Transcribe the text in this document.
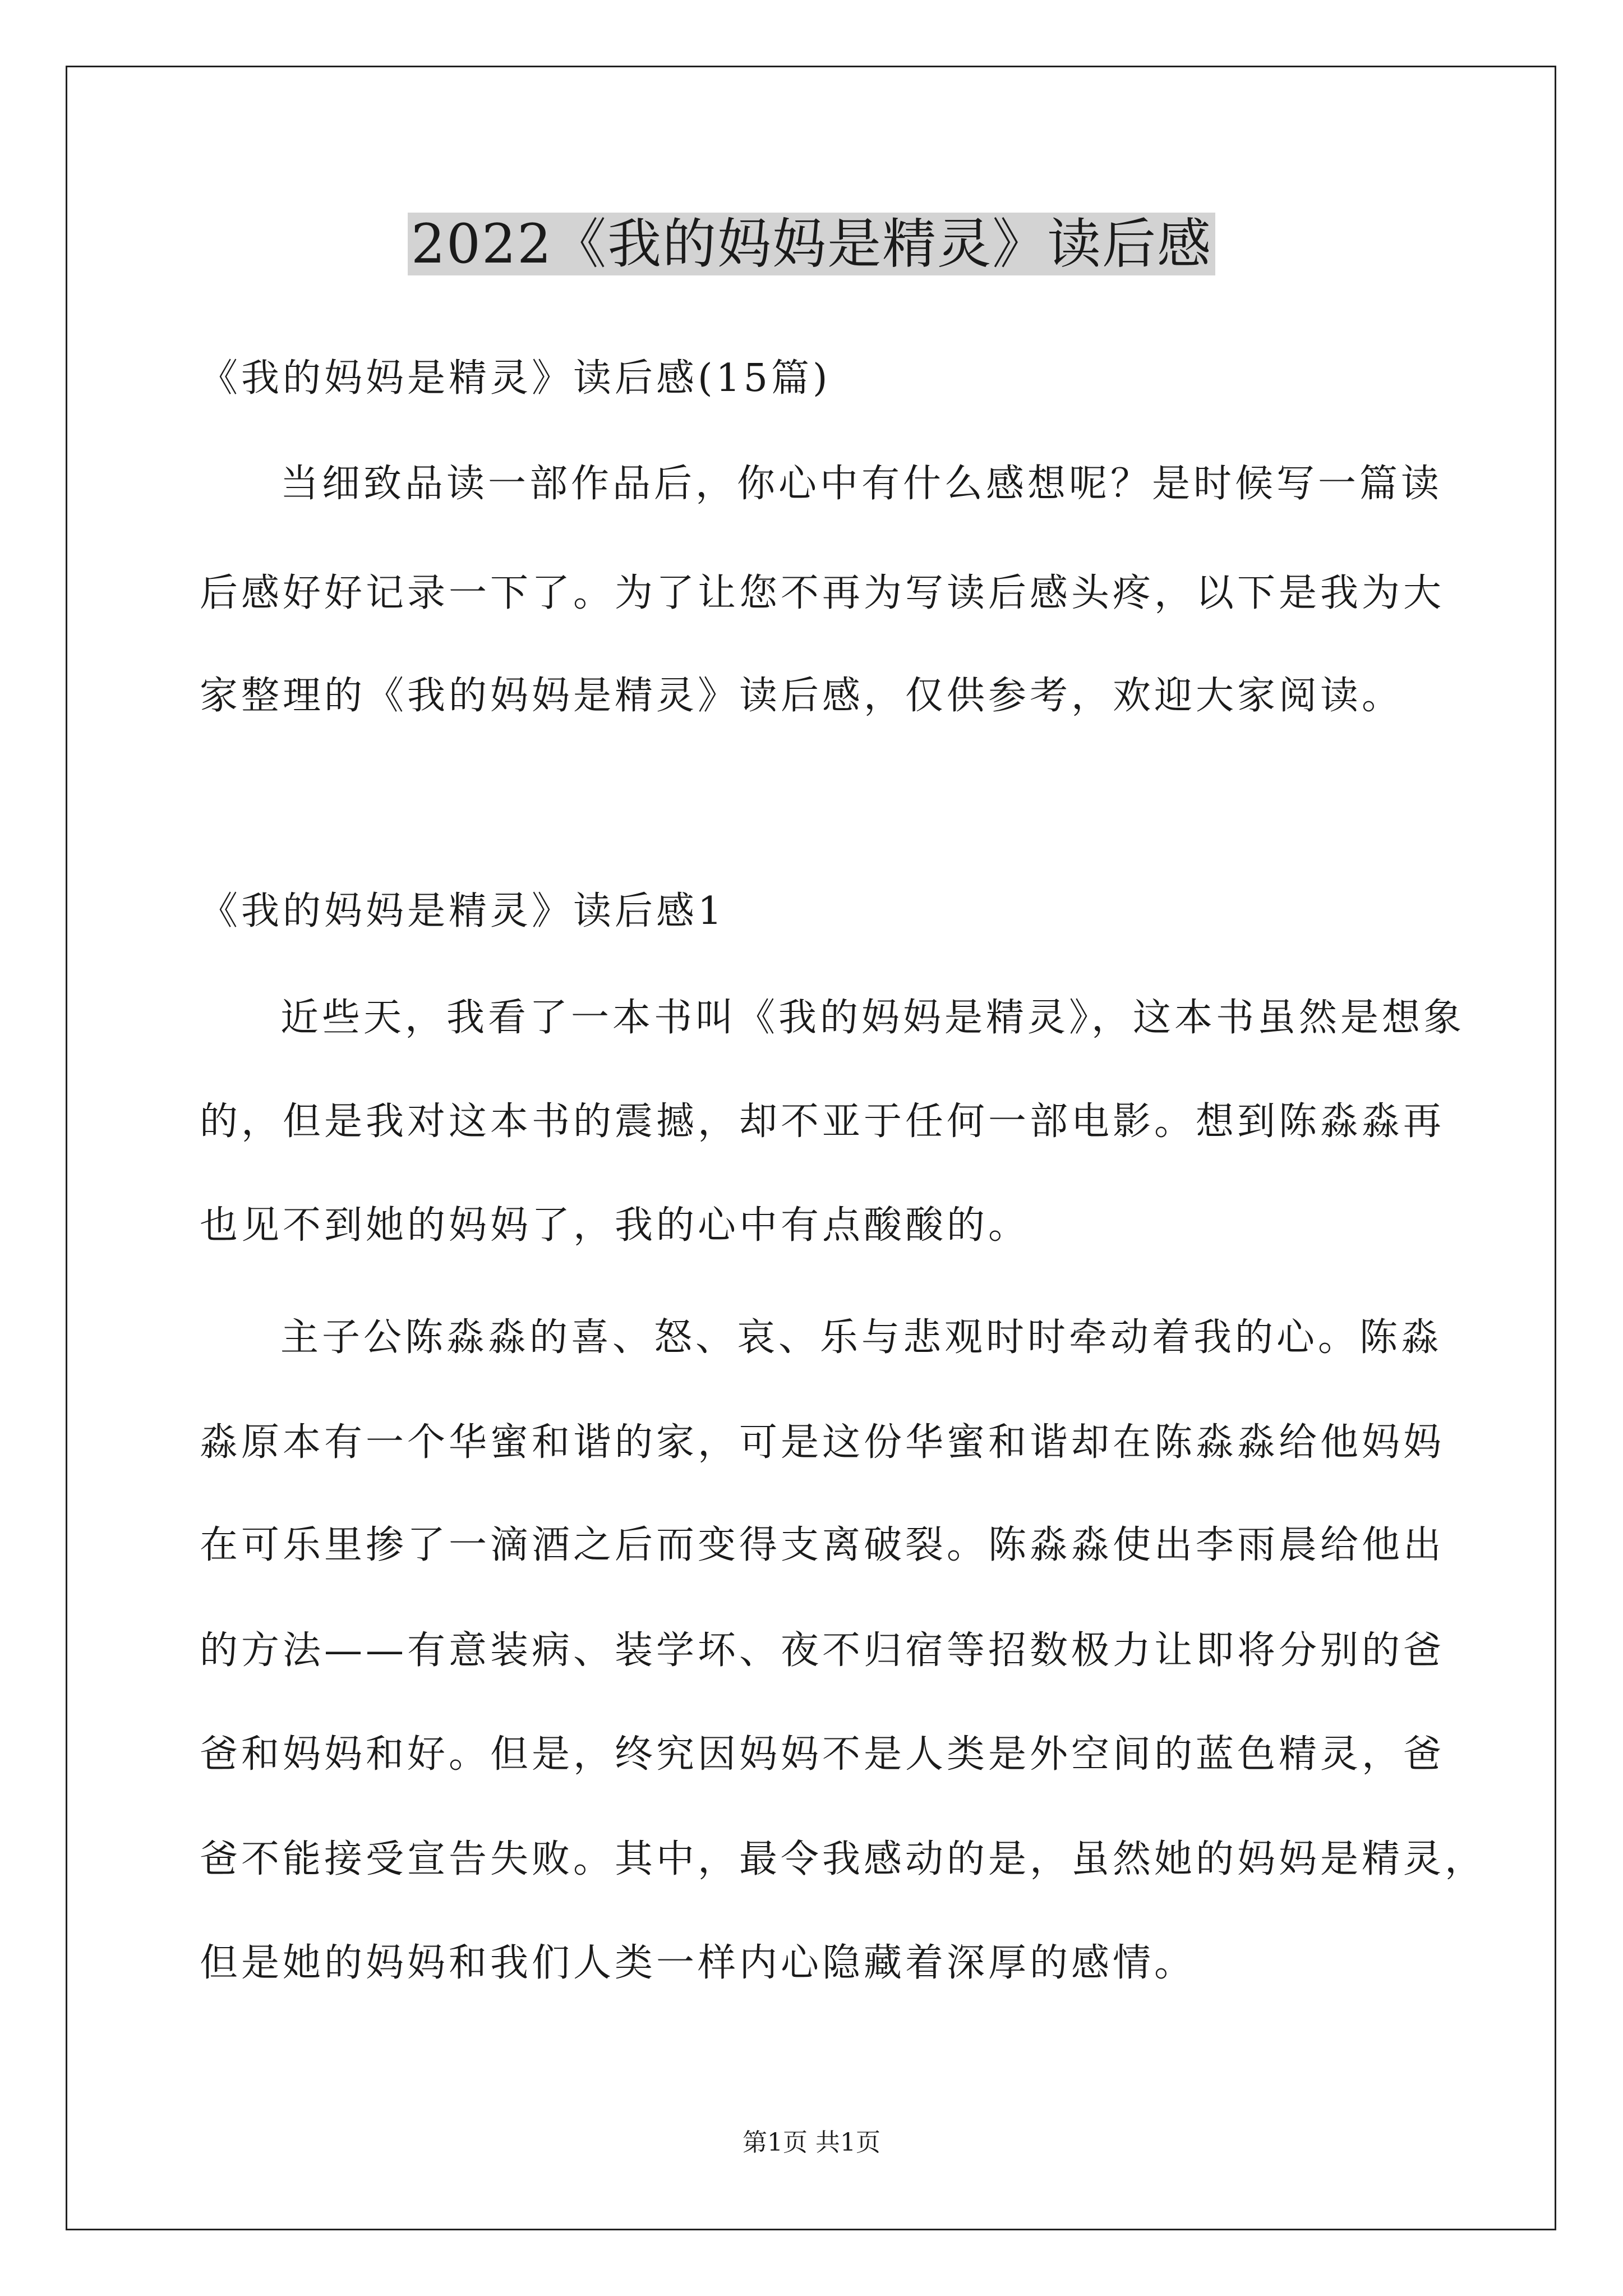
2022《我的妈妈是精灵》读后感
《我的妈妈是精灵》读后感(15篇)
当细致品读一部作品后，你心中有什么感想呢？是时候写一篇读
后感好好记录一下了。为了让您不再为写读后感头疼，以下是我为大
家整理的《我的妈妈是精灵》读后感，仅供参考，欢迎大家阅读。
《我的妈妈是精灵》读后感1
近些天，我看了一本书叫《我的妈妈是精灵》，这本书虽然是想象
的，但是我对这本书的震撼，却不亚于任何一部电影。想到陈淼淼再
也见不到她的妈妈了，我的心中有点酸酸的。
主子公陈淼淼的喜、怒、哀、乐与悲观时时牵动着我的心。陈淼
淼原本有一个华蜜和谐的家，可是这份华蜜和谐却在陈淼淼给他妈妈
在可乐里掺了一滴酒之后而变得支离破裂。陈淼淼使出李雨晨给他出
的方法——有意装病、装学坏、夜不归宿等招数极力让即将分别的爸
爸和妈妈和好。但是，终究因妈妈不是人类是外空间的蓝色精灵，爸
爸不能接受宣告失败。其中，最令我感动的是，虽然她的妈妈是精灵，
但是她的妈妈和我们人类一样内心隐藏着深厚的感情。
第1页 共1页
